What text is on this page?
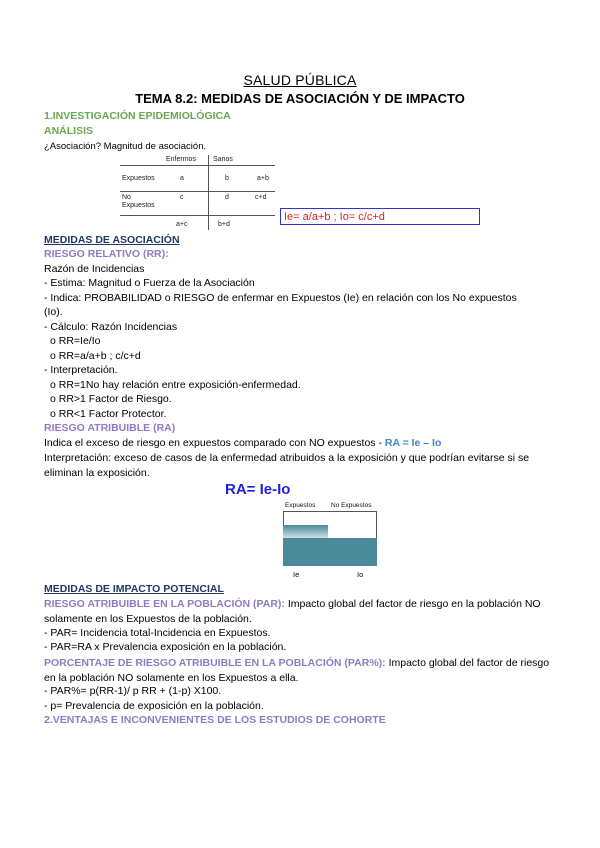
SALUD PÚBLICA
TEMA 8.2: MEDIDAS DE ASOCIACIÓN Y DE IMPACTO
1.INVESTIGACIÓN EPIDEMIOLÓGICA
ANÁLISIS
¿Asociación? Magnitud de asociación.
Enfermos Sanos
Expuestos	a	b	a+b
No
Expuestos
c	d	c+d
a+c	b+d
Ie= a/a+b ; Io= c/c+d
MEDIDAS DE ASOCIACIÓN
RIESGO RELATIVO (RR):
Razón de Incidencias
- Estima: Magnitud o Fuerza de la Asociación
- Indica: PROBABILIDAD o RIESGO de enfermar en Expuestos (Ie) en relación con los No expuestos
(Io).
- Cálculo: Razón Incidencias
o RR=Ie/Io
o RR=a/a+b ; c/c+d
- Interpretación.
o RR=1No hay relación entre exposición-enfermedad.
o RR>1 Factor de Riesgo.
o RR<1 Factor Protector.
RIESGO ATRIBUIBLE (RA)
Indica el exceso de riesgo en expuestos comparado con NO expuestos - RA = Ie – Io
Interpretación: exceso de casos de la enfermedad atribuidos a la exposición y que podrían evitarse si se eliminan la exposición.
RA= Ie-Io
Expuestos No Expuestos
Ie	Io
MEDIDAS DE IMPACTO POTENCIAL
RIESGO ATRIBUIBLE EN LA POBLACIÓN (PAR): Impacto global del factor de riesgo en la población NO solamente en los Expuestos de la población.
- PAR= Incidencia total-Incidencia en Expuestos.
- PAR=RA x Prevalencia exposición en la población.
PORCENTAJE DE RIESGO ATRIBUIBLE EN LA POBLACIÓN (PAR%): Impacto global del factor de riesgo en la población NO solamente en los Expuestos a ella.
- PAR%= p(RR-1)/ p RR + (1-p) X100.
- p= Prevalencia de exposición en la población.
2.VENTAJAS E INCONVENIENTES DE LOS ESTUDIOS DE COHORTE
